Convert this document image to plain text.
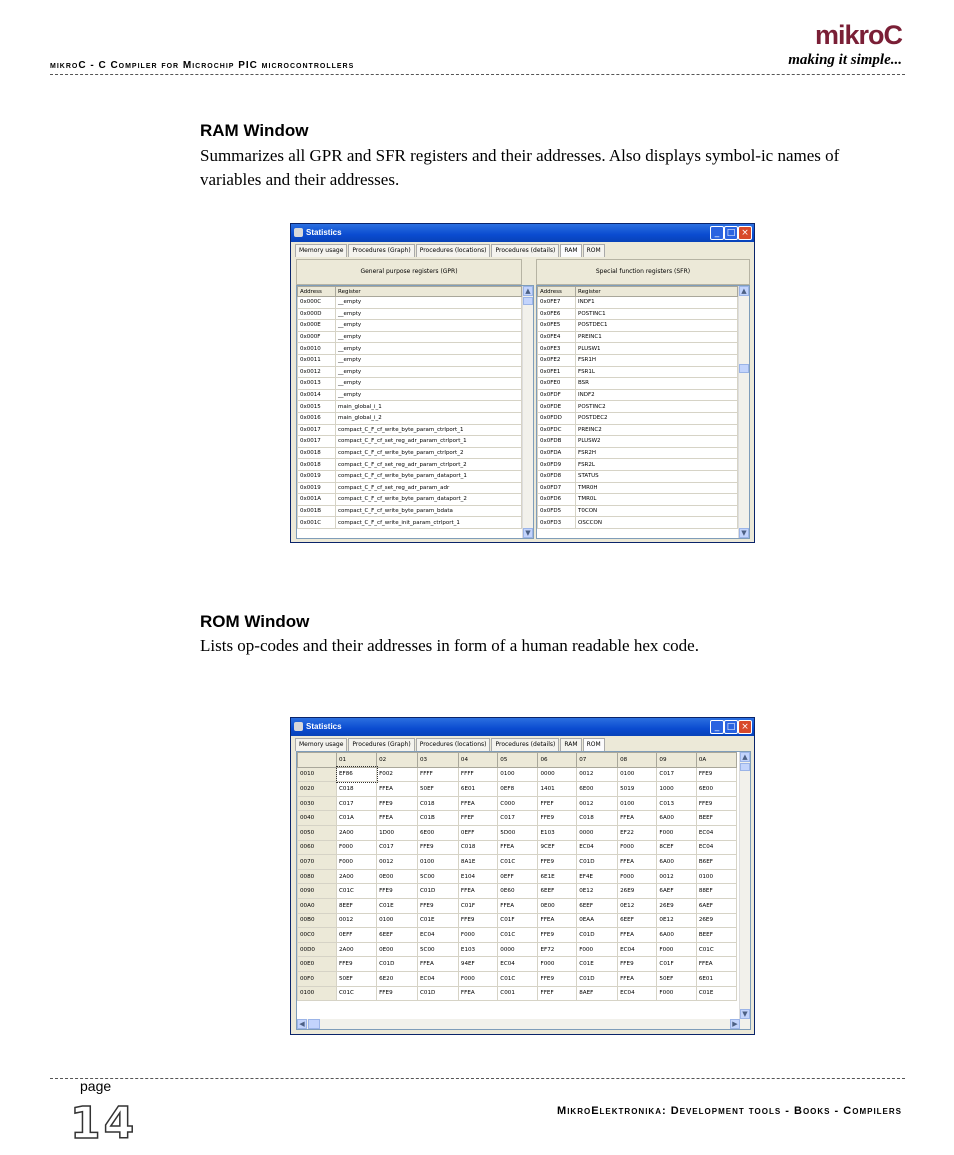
mikroC - C Compiler for Microchip PIC microcontrollers
mikroC
making it simple...
RAM Window
Summarizes all GPR and SFR registers and their addresses. Also displays symbol-ic names of variables and their addresses.
Statistics	_ □ ×
Memory usage	Procedures (Graph)	Procedures (locations)	Procedures (details)	RAM	ROM
General purpose registers (GPR)	Special function registers (SFR)
Address	Register
0x000C	__empty
0x000D	__empty
0x000E	__empty
0x000F	__empty
0x0010	__empty
0x0011	__empty
0x0012	__empty
0x0013	__empty
0x0014	__empty
0x0015	main_global_i_1
0x0016	main_global_i_2
0x0017	compact_C_F_cf_write_byte_param_ctrlport_1
0x0017	compact_C_F_cf_set_reg_adr_param_ctrlport_1
0x0018	compact_C_F_cf_write_byte_param_ctrlport_2
0x0018	compact_C_F_cf_set_reg_adr_param_ctrlport_2
0x0019	compact_C_F_cf_write_byte_param_dataport_1
0x0019	compact_C_F_cf_set_reg_adr_param_adr
0x001A	compact_C_F_cf_write_byte_param_dataport_2
0x001B	compact_C_F_cf_write_byte_param_bdata
0x001C	compact_C_F_cf_write_init_param_ctrlport_1
▲
▼
Address	Register
0x0FE7	INDF1
0x0FE6	POSTINC1
0x0FE5	POSTDEC1
0x0FE4	PREINC1
0x0FE3	PLUSW1
0x0FE2	FSR1H
0x0FE1	FSR1L
0x0FE0	BSR
0x0FDF	INDF2
0x0FDE	POSTINC2
0x0FDD	POSTDEC2
0x0FDC	PREINC2
0x0FDB	PLUSW2
0x0FDA	FSR2H
0x0FD9	FSR2L
0x0FD8	STATUS
0x0FD7	TMR0H
0x0FD6	TMR0L
0x0FD5	T0CON
0x0FD3	OSCCON
▲
▼
ROM Window
Lists op-codes and their addresses in form of a human readable hex code.
Statistics	_ □ ×
Memory usage	Procedures (Graph)	Procedures (locations)	Procedures (details)	RAM	ROM
	01	02	03	04	05	06	07	08	09	0A
0010	EF86	F002	FFFF	FFFF	0100	0000	0012	0100	C017	FFE9
0020	C018	FFEA	50EF	6E01	0EF8	1401	6E00	5019	1000	6E00
0030	C017	FFE9	C018	FFEA	C000	FFEF	0012	0100	C013	FFE9
0040	C01A	FFEA	C01B	FFEF	C017	FFE9	C018	FFEA	6A00	BEEF
0050	2A00	1D00	6E00	0EFF	5D00	E103	0000	EF22	F000	EC04
0060	F000	C017	FFE9	C018	FFEA	9CEF	EC04	F000	8CEF	EC04
0070	F000	0012	0100	8A1E	C01C	FFE9	C01D	FFEA	6A00	B6EF
0080	2A00	0E00	5C00	E104	0EFF	6E1E	EF4E	F000	0012	0100
0090	C01C	FFE9	C01D	FFEA	0E60	6EEF	0E12	26E9	6AEF	88EF
00A0	8EEF	C01E	FFE9	C01F	FFEA	0E00	6EEF	0E12	26E9	6AEF
00B0	0012	0100	C01E	FFE9	C01F	FFEA	0EAA	6EEF	0E12	26E9
00C0	0EFF	6EEF	EC04	F000	C01C	FFE9	C01D	FFEA	6A00	BEEF
00D0	2A00	0E00	5C00	E103	0000	EF72	F000	EC04	F000	C01C
00E0	FFE9	C01D	FFEA	94EF	EC04	F000	C01E	FFE9	C01F	FFEA
00F0	50EF	6E20	EC04	F000	C01C	FFE9	C01D	FFEA	50EF	6E01
0100	C01C	FFE9	C01D	FFEA	C001	FFEF	8AEF	EC04	F000	C01E
▲
▼
◀	▶
page
14	MikroElektronika: Development tools - Books - Compilers
